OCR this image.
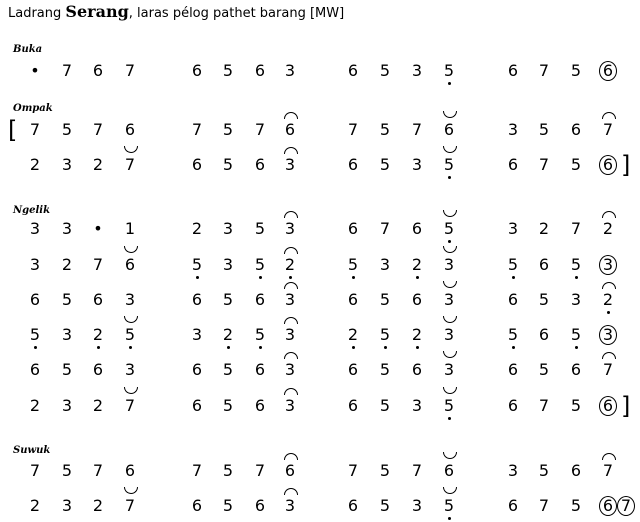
Ladrang Serang, laras pélog pathet barang [MW]
Buka
•	7	6	7	6	5	6	3	6	5	3	5	6	7	5	6
Ompak
7	5	7	6	7	5	7	6	7	5	7	6	3	5	6	7
2	3	2	7	6	5	6	3	6	5	3	5	6	7	5	6
Ngelik
3	3	•	1	2	3	5	3	6	7	6	5	3	2	7	2
3	2	7	6	5	3	5	2	5	3	2	3	5	6	5	3
6	5	6	3	6	5	6	3	6	5	6	3	6	5	3	2
5	3	2	5	3	2	5	3	2	5	2	3	5	6	5	3
6	5	6	3	6	5	6	3	6	5	6	3	6	5	6	7
2	3	2	7	6	5	6	3	6	5	3	5	6	7	5	6
Suwuk
7	5	7	6	7	5	7	6	7	5	7	6	3	5	6	7
2	3	2	7	6	5	6	3	6	5	3	5	6	7	5	6 7
[
]
]
